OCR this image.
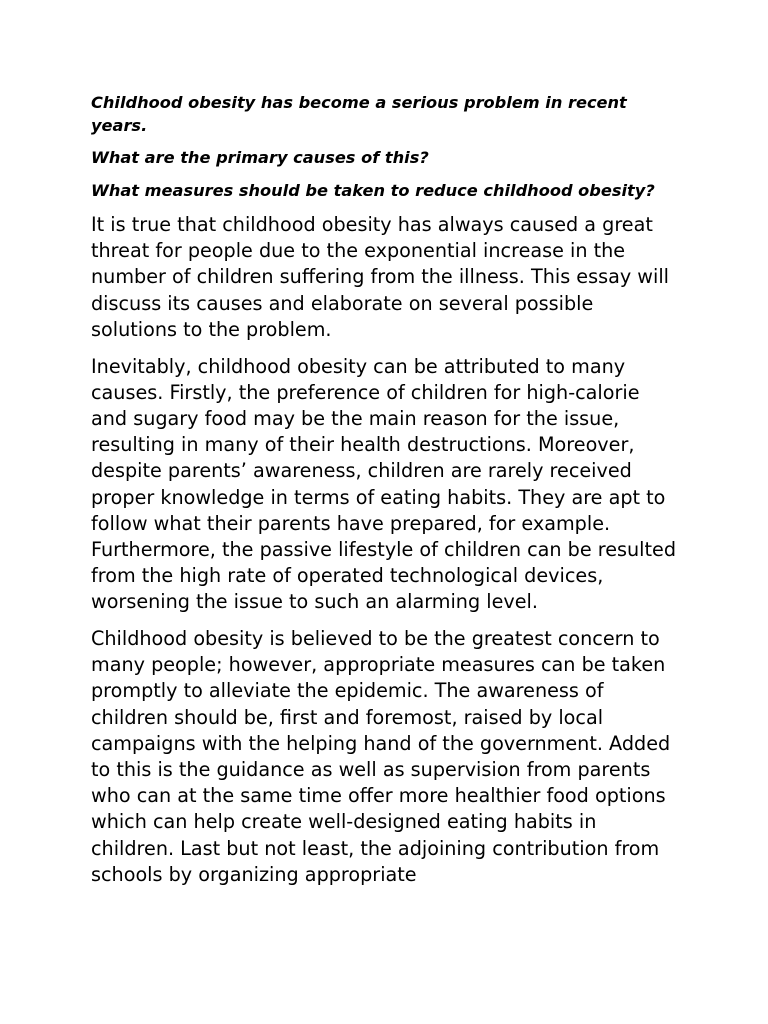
Childhood obesity has become a serious problem in recent years.

What are the primary causes of this?

What measures should be taken to reduce childhood obesity?

It is true that childhood obesity has always caused a great threat for people due to the exponential increase in the number of children suffering from the illness. This essay will discuss its causes and elaborate on several possible solutions to the problem.

Inevitably, childhood obesity can be attributed to many causes. Firstly, the preference of children for high-calorie and sugary food may be the main reason for the issue, resulting in many of their health destructions. Moreover, despite parents’ awareness, children are rarely received proper knowledge in terms of eating habits. They are apt to follow what their parents have prepared, for example. Furthermore, the passive lifestyle of children can be resulted from the high rate of operated technological devices, worsening the issue to such an alarming level.

Childhood obesity is believed to be the greatest concern to many people; however, appropriate measures can be taken promptly to alleviate the epidemic. The awareness of children should be, first and foremost, raised by local campaigns with the helping hand of the government. Added to this is the guidance as well as supervision from parents who can at the same time offer more healthier food options which can help create well-designed eating habits in children. Last but not least, the adjoining contribution from schools by organizing appropriate
